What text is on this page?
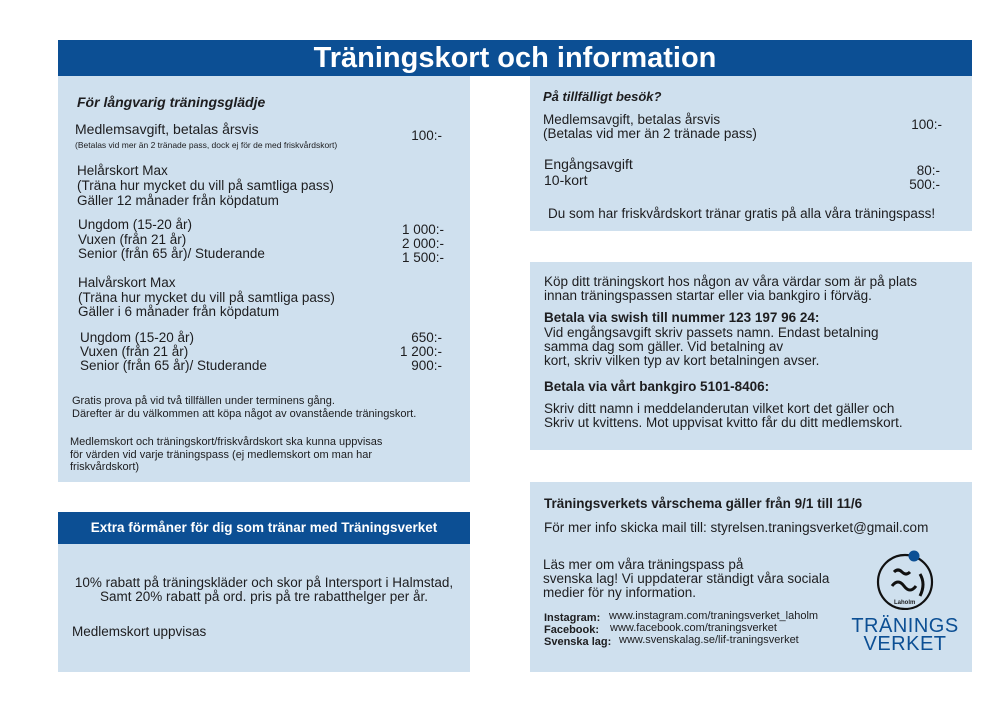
Träningskort och information
För långvarig träningsglädje
Medlemsavgift, betalas årsvis
(Betalas vid mer än 2 tränade pass, dock ej för de med friskvårdskort)
100:-
Helårskort Max
(Träna hur mycket du vill på samtliga pass)
Gäller 12 månader från köpdatum
Ungdom (15-20 år)
Vuxen (från 21 år)
Senior (från 65 år)/ Studerande
1 000:-
2 000:-
1 500:-
Halvårskort Max
(Träna hur mycket du vill på samtliga pass)
Gäller i 6 månader från köpdatum
Ungdom (15-20 år)
Vuxen (från 21 år)
Senior (från 65 år)/ Studerande
650:-
1 200:-
900:-
Gratis prova på vid två tillfällen under terminens gång.
Därefter är du välkommen att köpa något av ovanstående träningskort.
Medlemskort och träningskort/friskvårdskort ska kunna uppvisas
för värden vid varje träningspass (ej medlemskort om man har
friskvårdskort)
Extra förmåner för dig som tränar med Träningsverket
10% rabatt på träningskläder och skor på Intersport i Halmstad,
Samt 20% rabatt på ord. pris på tre rabatthelger per år.
Medlemskort uppvisas
På tillfälligt besök?
Medlemsavgift, betalas årsvis
(Betalas vid mer än 2 tränade pass)
100:-
Engångsavgift
10-kort
80:-
500:-
Du som har friskvårdskort tränar gratis på alla våra träningspass!
Köp ditt träningskort hos någon av våra värdar som är på plats
innan träningspassen startar eller via bankgiro i förväg.
Betala via swish till nummer 123 197 96 24:
Vid engångsavgift skriv passets namn. Endast betalning
samma dag som gäller. Vid betalning av
kort, skriv vilken typ av kort betalningen avser.
Betala via vårt bankgiro 5101-8406:
Skriv ditt namn i meddelanderutan vilket kort det gäller och
Skriv ut kvittens. Mot uppvisat kvitto får du ditt medlemskort.
Träningsverkets vårschema gäller från 9/1 till 11/6
För mer info skicka mail till: styrelsen.traningsverket@gmail.com
Läs mer om våra träningspass på
svenska lag! Vi uppdaterar ständigt våra sociala
medier för ny information.
Instagram: www.instagram.com/traningsverket_laholm
Facebook: www.facebook.com/traningsverket
Svenska lag: www.svenskalag.se/lif-traningsverket
Laholm
TRÄNINGS
VERKET
